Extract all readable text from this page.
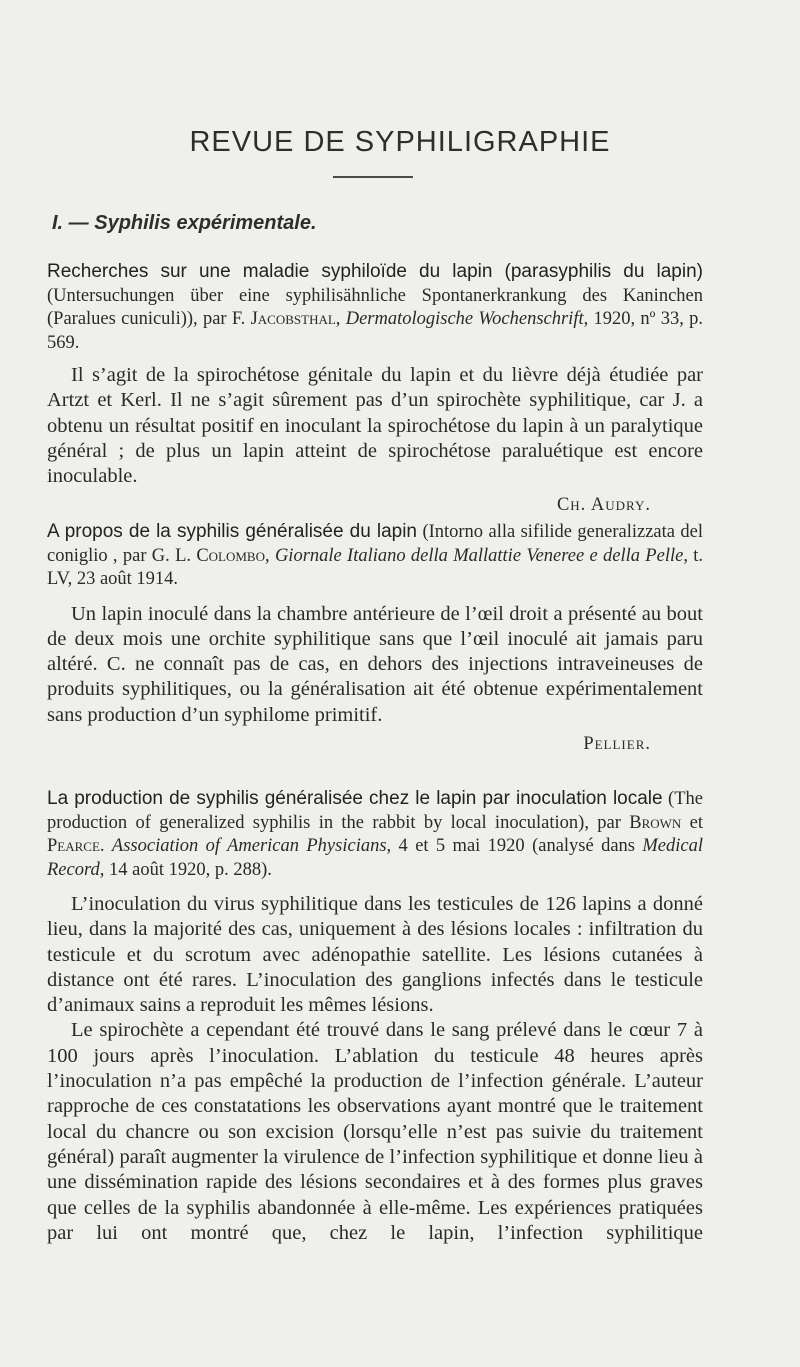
REVUE DE SYPHILIGRAPHIE
I. — Syphilis expérimentale.

Recherches sur une maladie syphiloïde du lapin (parasyphilis du lapin) (Untersuchungen über eine syphilisähnliche Spontanerkrankung des Kaninchen (Paralues cuniculi)), par F. Jacobsthal, Dermatologische Wochenschrift, 1920, nº 33, p. 569.

Il s’agit de la spirochétose génitale du lapin et du lièvre déjà étudiée par Artzt et Kerl. Il ne s’agit sûrement pas d’un spirochète syphilitique, car J. a obtenu un résultat positif en inoculant la spirochétose du lapin à un paralytique général ; de plus un lapin atteint de spirochétose paraluétique est encore inoculable.

Ch. Audry.

A propos de la syphilis généralisée du lapin (Intorno alla sifilide generalizzata del coniglio , par G. L. Colombo, Giornale Italiano della Mallattie Veneree e della Pelle, t. LV, 23 août 1914.

Un lapin inoculé dans la chambre antérieure de l’œil droit a présenté au bout de deux mois une orchite syphilitique sans que l’œil inoculé ait jamais paru altéré. C. ne connaît pas de cas, en dehors des injections intraveineuses de produits syphilitiques, ou la généralisation ait été obtenue expérimentalement sans production d’un syphilome primitif.

Pellier.

La production de syphilis généralisée chez le lapin par inoculation locale (The production of generalized syphilis in the rabbit by local inoculation), par Brown et Pearce. Association of American Physicians, 4 et 5 mai 1920 (analysé dans Medical Record, 14 août 1920, p. 288).

L’inoculation du virus syphilitique dans les testicules de 126 lapins a donné lieu, dans la majorité des cas, uniquement à des lésions locales : infiltration du testicule et du scrotum avec adénopathie satellite. Les lésions cutanées à distance ont été rares. L’inoculation des ganglions infectés dans le testicule d’animaux sains a reproduit les mêmes lésions.

Le spirochète a cependant été trouvé dans le sang prélevé dans le cœur 7 à 100 jours après l’inoculation. L’ablation du testicule 48 heures après l’inoculation n’a pas empêché la production de l’infection générale. L’auteur rapproche de ces constatations les observations ayant montré que le traitement local du chancre ou son excision (lorsqu’elle n’est pas suivie du traitement général) paraît augmenter la virulence de l’infection syphilitique et donne lieu à une dissémination rapide des lésions secondaires et à des formes plus graves que celles de la syphilis abandonnée à elle-même. Les expériences pratiquées par lui ont montré que, chez le lapin, l’infection syphilitique
